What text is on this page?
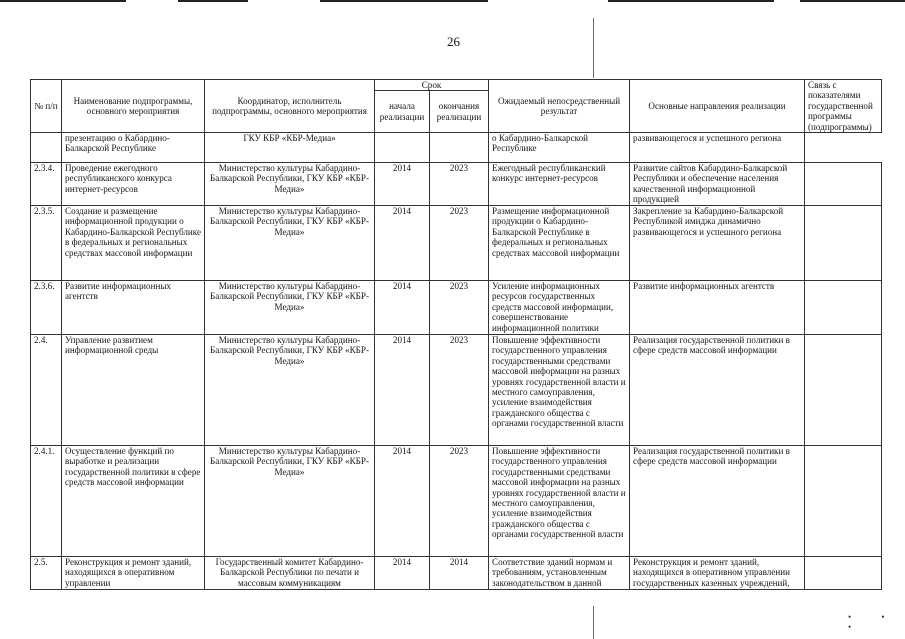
26
№ п/п	Наименование подпрограммы, основного мероприятия	Координатор, исполнитель подпрограммы, основного мероприятия	Срок		Ожидаемый непосредственный результат	Основные направления реализации	Связь с показателями государственной программы (подпрограммы)
			начала реализации	окончания реализации			
	презентацию о Кабардино-Балкарской Республике	ГКУ КБР «КБР-Медиа»			о Кабардино-Балкарской Республике	развивающегося и успешного региона	
2.3.4.	Проведение ежегодного республиканского конкурса интернет-ресурсов	Министерство культуры Кабардино-Балкарской Республики, ГКУ КБР «КБР-Медиа»	2014	2023	Ежегодный республиканский конкурс интернет-ресурсов	Развитие сайтов Кабардино-Балкарской Республики и обеспечение населения качественной информационной продукцией	
2.3.5.	Создание и размещение информационной продукции о Кабардино-Балкарской Республике в федеральных и региональных средствах массовой информации	Министерство культуры Кабардино-Балкарской Республики, ГКУ КБР «КБР-Медиа»	2014	2023	Размещение информационной продукции о Кабардино-Балкарской Республике в федеральных и региональных средствах массовой информации	Закрепление за Кабардино-Балкарской Республикой имиджа динамично развивающегося и успешного региона	
2.3.6.	Развитие информационных агентств	Министерство культуры Кабардино-Балкарской Республики, ГКУ КБР «КБР-Медиа»	2014	2023	Усиление информационных ресурсов государственных средств массовой информации, совершенствование информационной политики	Развитие информационных агентств	
2.4.	Управление развитием информационной среды	Министерство культуры Кабардино-Балкарской Республики, ГКУ КБР «КБР-Медиа»	2014	2023	Повышение эффективности государственного управления государственными средствами массовой информации на разных уровнях государственной власти и местного самоуправления, усиление взаимодействия гражданского общества с органами государственной власти	Реализация государственной политики в сфере средств массовой информации	
2.4.1.	Осуществление функций по выработке и реализации государственной политики в сфере средств массовой информации	Министерство культуры Кабардино-Балкарской Республики, ГКУ КБР «КБР-Медиа»	2014	2023	Повышение эффективности государственного управления государственными средствами массовой информации на разных уровнях государственной власти и местного самоуправления, усиление взаимодействия гражданского общества с органами государственной власти	Реализация государственной политики в сфере средств массовой информации	
2.5.	Реконструкция и ремонт зданий, находящихся в оперативном управлении	Государственный комитет Кабардино-Балкарской Республики по печати и массовым коммуникациям	2014	2014	Соответствие зданий нормам и требованиям, установленным законодательством в данной	Реконструкция и ремонт зданий, находящихся в оперативном управлении государственных казенных учреждений,	
• • •
